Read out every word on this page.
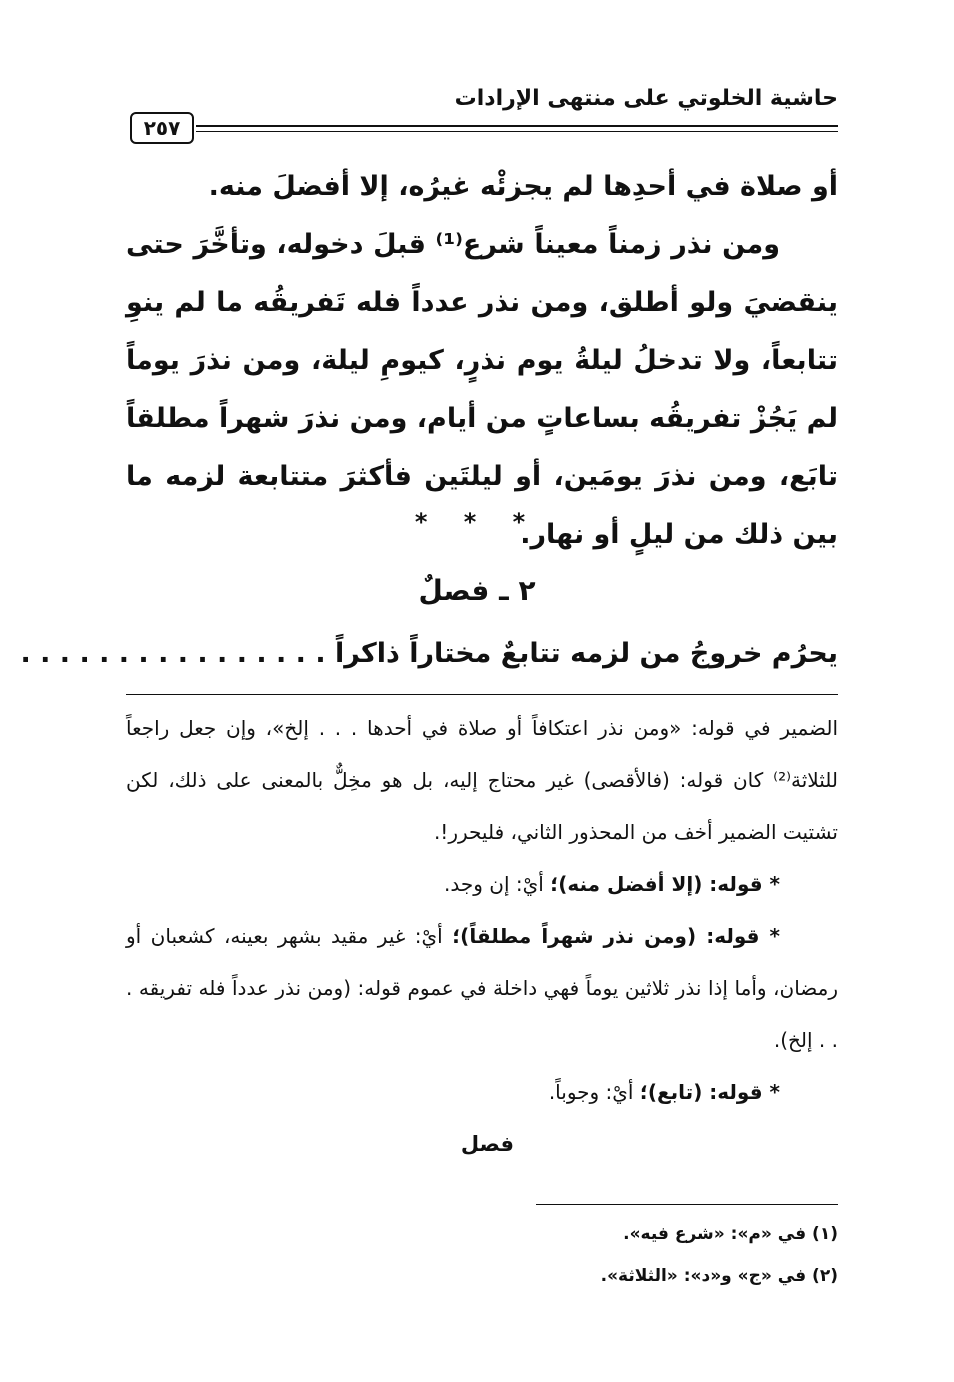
حاشية الخلوتي على منتهى الإرادات
٢٥٧

أو صلاة في أحدِها لم يجزئْه غيرُه، إلا أفضلَ منه.

ومن نذر زمناً معيناً شرع⁽¹⁾ قبلَ دخوله، وتأخَّرَ حتى ينقضيَ ولو أطلق، ومن نذر عدداً فله تَفريقُه ما لم ينوِ تتابعاً، ولا تدخلُ ليلةُ يوم نذرٍ، كيومِ ليلة، ومن نذرَ يوماً لم يَجُزْ تفريقُه بساعاتٍ من أيام، ومن نذرَ شهراً مطلقاً تابَع، ومن نذرَ يومَين، أو ليلتَين فأكثرَ متتابعة لزمه ما بين ذلك من ليلٍ أو نهار.

* * *
٢ ـ فصلٌ
يحرُم خروجُ من لزمه تتابعٌ مختاراً ذاكراً . . . . . . . . . . . . . . . .

الضمير في قوله: «ومن نذر اعتكافاً أو صلاة في أحدها . . . إلخ»، وإن جعل راجعاً للثلاثة⁽²⁾ كان قوله: (فالأقصى) غير محتاج إليه، بل هو مخِلٌّ بالمعنى على ذلك، لكن تشتيت الضمير أخف من المحذور الثاني، فليحرر!.

* قوله: (إلا أفضل منه)؛ أيْ: إن وجد.

* قوله: (ومن نذر شهراً مطلقاً)؛ أيْ: غير مقيد بشهر بعينه، كشعبان أو رمضان، وأما إذا نذر ثلاثين يوماً فهي داخلة في عموم قوله: (ومن نذر عدداً فله تفريقه . . . إلخ).

* قوله: (تابع)؛ أيْ: وجوباً.

فصل
(١) في «م»: «شرع فيه».
(٢) في «ج» و«د»: «الثلاثة».
